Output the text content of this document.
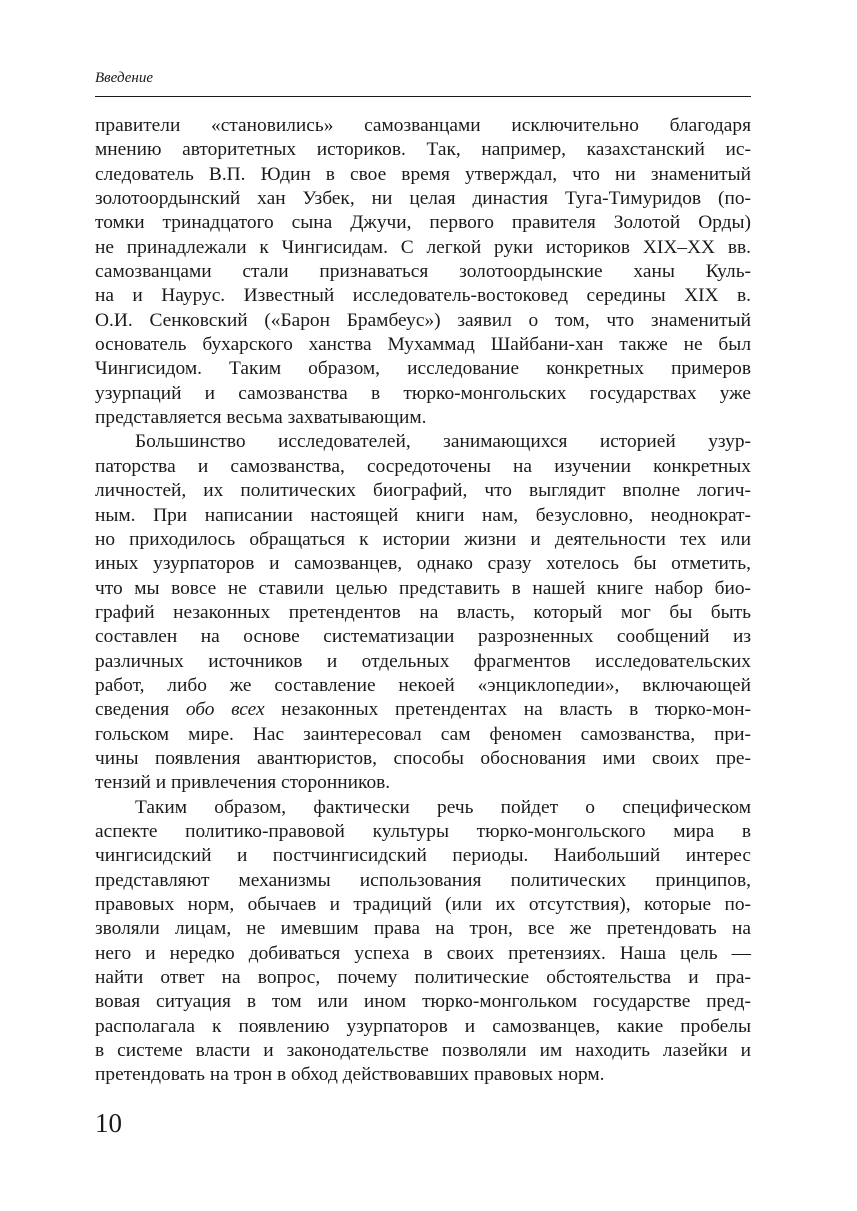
Введение
правители «становились» самозванцами исключительно благодаря
мнению авторитетных историков. Так, например, казахстанский ис-
следователь В.П. Юдин в свое время утверждал, что ни знаменитый
золотоордынский хан Узбек, ни целая династия Туга-Тимуридов (по-
томки тринадцатого сына Джучи, первого правителя Золотой Орды)
не принадлежали к Чингисидам. С легкой руки историков XIX–XX вв.
самозванцами стали признаваться золотоордынские ханы Куль-
на и Наурус. Известный исследователь-востоковед середины XIX в.
О.И. Сенковский («Барон Брамбеус») заявил о том, что знаменитый
основатель бухарского ханства Мухаммад Шайбани-хан также не был
Чингисидом. Таким образом, исследование конкретных примеров
узурпаций и самозванства в тюрко-монгольских государствах уже
представляется весьма захватывающим.
Большинство исследователей, занимающихся историей узур-
паторства и самозванства, сосредоточены на изучении конкретных
личностей, их политических биографий, что выглядит вполне логич-
ным. При написании настоящей книги нам, безусловно, неоднократ-
но приходилось обращаться к истории жизни и деятельности тех или
иных узурпаторов и самозванцев, однако сразу хотелось бы отметить,
что мы вовсе не ставили целью представить в нашей книге набор био-
графий незаконных претендентов на власть, который мог бы быть
составлен на основе систематизации разрозненных сообщений из
различных источников и отдельных фрагментов исследовательских
работ, либо же составление некоей «энциклопедии», включающей
сведения обо всех незаконных претендентах на власть в тюрко-мон-
гольском мире. Нас заинтересовал сам феномен самозванства, при-
чины появления авантюристов, способы обоснования ими своих пре-
тензий и привлечения сторонников.
Таким образом, фактически речь пойдет о специфическом
аспекте политико-правовой культуры тюрко-монгольского мира в
чингисидский и постчингисидский периоды. Наибольший интерес
представляют механизмы использования политических принципов,
правовых норм, обычаев и традиций (или их отсутствия), которые по-
зволяли лицам, не имевшим права на трон, все же претендовать на
него и нередко добиваться успеха в своих претензиях. Наша цель —
найти ответ на вопрос, почему политические обстоятельства и пра-
вовая ситуация в том или ином тюрко-монгольком государстве пред-
располагала к появлению узурпаторов и самозванцев, какие пробелы
в системе власти и законодательстве позволяли им находить лазейки и
претендовать на трон в обход действовавших правовых норм.
10
